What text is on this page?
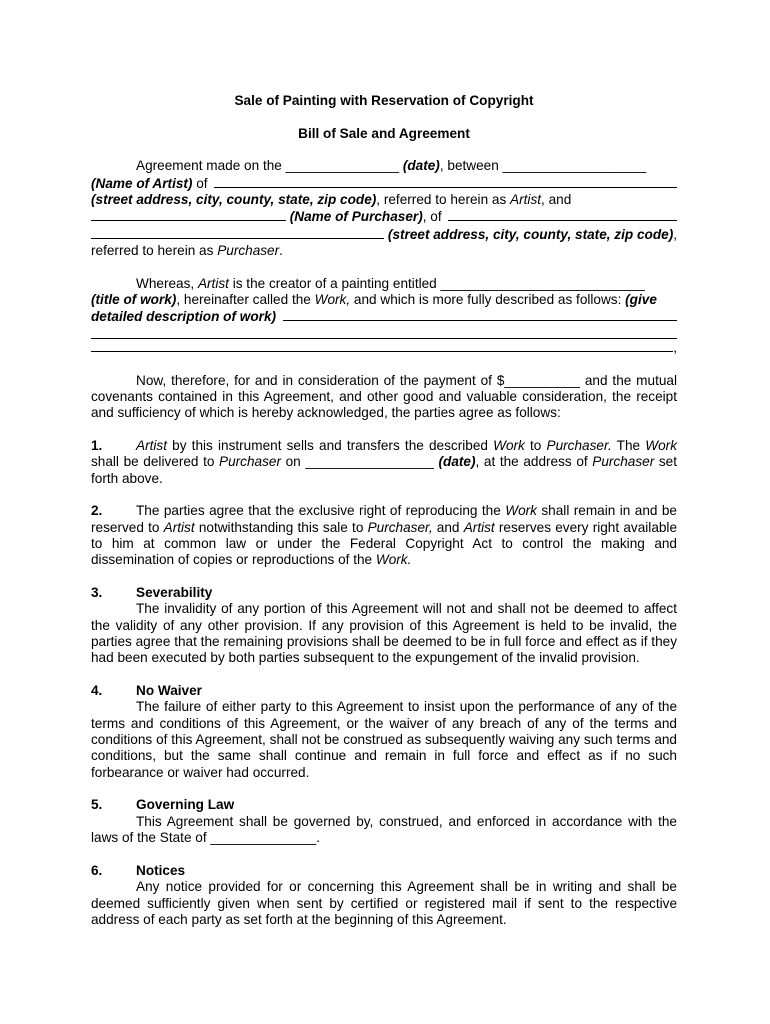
Sale of Painting with Reservation of Copyright
Bill of Sale and Agreement
Agreement made on the _______________ (date) , between ___________________
(Name of Artist) of
(street address, city, county, state, zip code) , referred to herein as Artist , and

(Name of Purchaser) , of

(street address, city, county, state, zip code) ,
referred to herein as Purchaser .
Whereas, Artist is the creator of a painting entitled ___________________________
(title of work) , hereinafter called the Work, and which is more fully described as follows: (give
detailed description of work)

,
Now, therefore, for and in consideration of the payment of $__________ and the mutual covenants contained in this Agreement, and other good and valuable consideration, the receipt and sufficiency of which is hereby acknowledged, the parties agree as follows:
1. Artist by this instrument sells and transfers the described Work to Purchaser. The Work shall be delivered to Purchaser on _________________ (date), at the address of Purchaser set forth above.
2. The parties agree that the exclusive right of reproducing the Work shall remain in and be reserved to Artist notwithstanding this sale to Purchaser, and Artist reserves every right available to him at common law or under the Federal Copyright Act to control the making and dissemination of copies or reproductions of the Work.
3. Severability
The invalidity of any portion of this Agreement will not and shall not be deemed to affect the validity of any other provision. If any provision of this Agreement is held to be invalid, the parties agree that the remaining provisions shall be deemed to be in full force and effect as if they had been executed by both parties subsequent to the expungement of the invalid provision.
4. No Waiver
The failure of either party to this Agreement to insist upon the performance of any of the terms and conditions of this Agreement, or the waiver of any breach of any of the terms and conditions of this Agreement, shall not be construed as subsequently waiving any such terms and conditions, but the same shall continue and remain in full force and effect as if no such forbearance or waiver had occurred.
5. Governing Law
This Agreement shall be governed by, construed, and enforced in accordance with the laws of the State of ______________.
6. Notices
Any notice provided for or concerning this Agreement shall be in writing and shall be deemed sufficiently given when sent by certified or registered mail if sent to the respective address of each party as set forth at the beginning of this Agreement.
